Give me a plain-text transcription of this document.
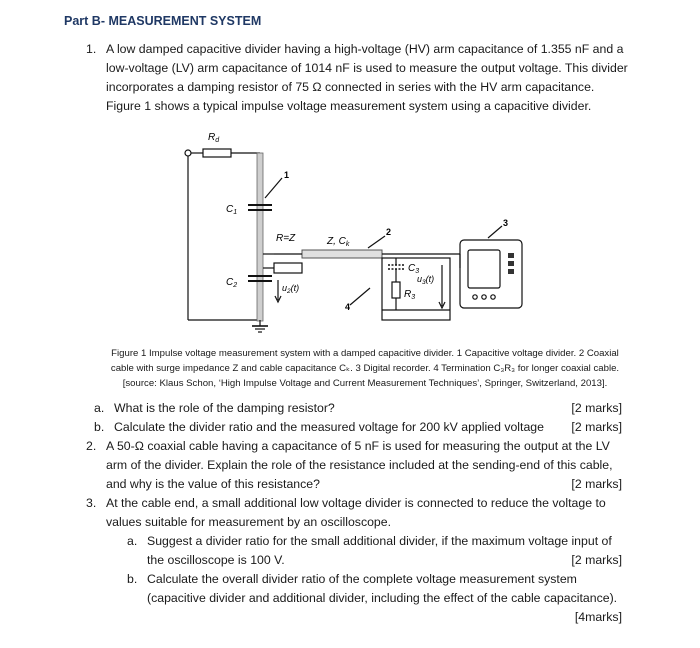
Part B- MEASUREMENT SYSTEM
1. A low damped capacitive divider having a high-voltage (HV) arm capacitance of 1.355 nF and a
low-voltage (LV) arm capacitance of 1014 nF is used to measure the output voltage. This divider
incorporates a damping resistor of 75 Ω connected in series with the HV arm capacitance.
Figure 1 shows a typical impulse voltage measurement system using a capacitive divider.
$R_d$
$C_1$
$C_2$
R=Z
$u_2(t)$
Z, $C_k$
$C_3$
$R_3$
$u_3(t)$
1
2
3
4
Figure 1 Impulse voltage measurement system with a damped capacitive divider. 1 Capacitive voltage divider. 2 Coaxial
cable with surge impedance Z and cable capacitance Cₖ. 3 Digital recorder. 4 Termination C₃R₃ for longer coaxial cable.
[source: Klaus Schon, ‘High Impulse Voltage and Current Measurement Techniques’, Springer, Switzerland, 2013].
a. What is the role of the damping resistor?	[2 marks]
b. Calculate the divider ratio and the measured voltage for 200 kV applied voltage [2 marks]
2. A 50-Ω coaxial cable having a capacitance of 5 nF is used for measuring the output at the LV
arm of the divider. Explain the role of the resistance included at the sending-end of this cable,
and why is the value of this resistance?	[2 marks]
3. At the cable end, a small additional low voltage divider is connected to reduce the voltage to
values suitable for measurement by an oscilloscope.
a. Suggest a divider ratio for the small additional divider, if the maximum voltage input of
the oscilloscope is 100 V.	[2 marks]
b. Calculate the overall divider ratio of the complete voltage measurement system
(capacitive divider and additional divider, including the effect of the cable capacitance).
[4marks]
